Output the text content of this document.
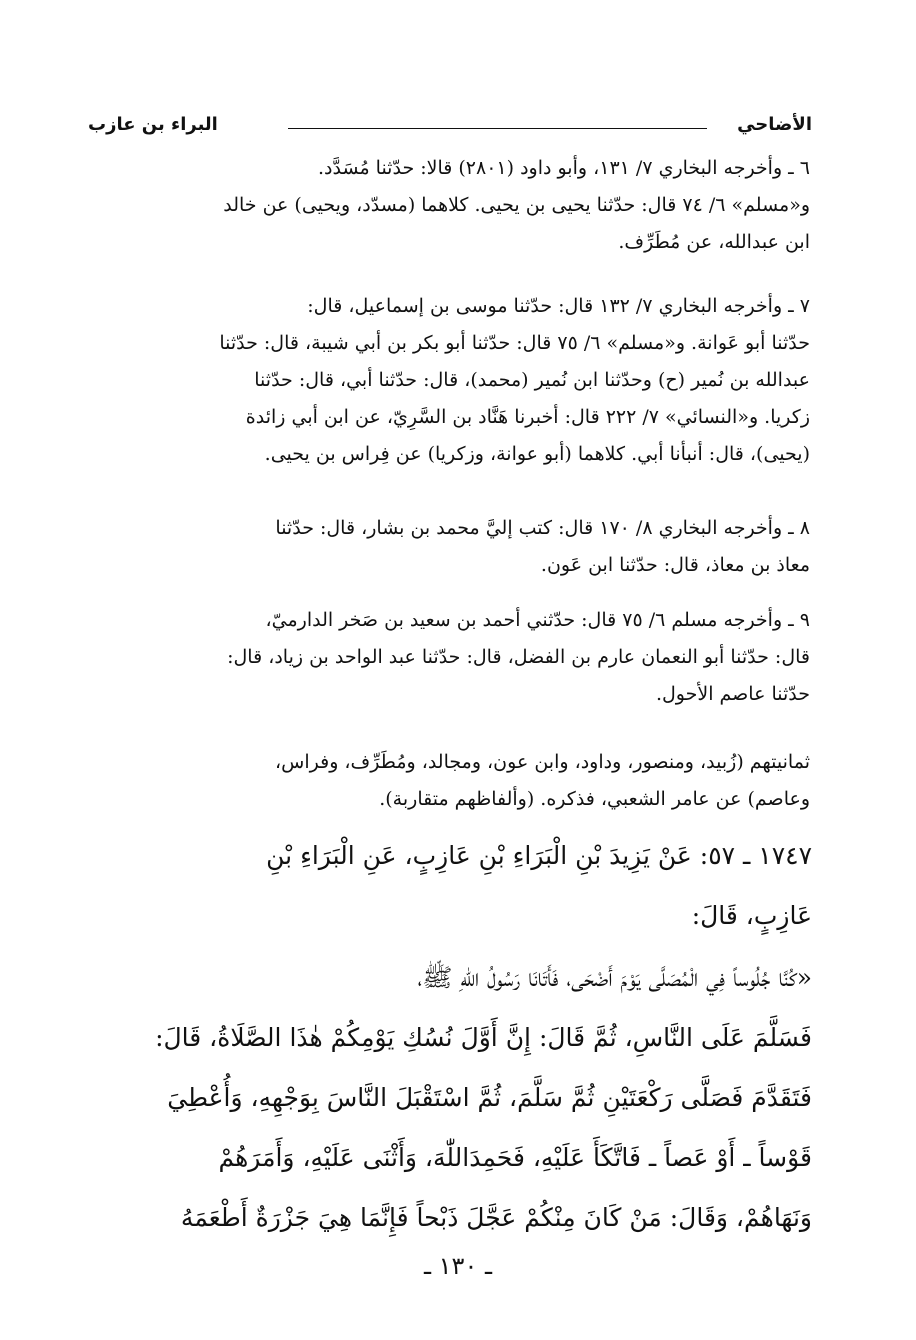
الأضاحي
البراء بن عازب
٦ ـ وأخرجه البخاري ٧/ ١٣١، وأبو داود (٢٨٠١) قالا: حدّثنا مُسَدَّد.
و«مسلم» ٦/ ٧٤ قال: حدّثنا يحيى بن يحيى. كلاهما (مسدّد، ويحيى) عن خالد
ابن عبدالله، عن مُطَرِّف.
٧ ـ وأخرجه البخاري ٧/ ١٣٢ قال: حدّثنا موسى بن إسماعيل، قال:
حدّثنا أبو عَوانة. و«مسلم» ٦/ ٧٥ قال: حدّثنا أبو بكر بن أبي شيبة، قال: حدّثنا
عبدالله بن نُمير (ح) وحدّثنا ابن نُمير (محمد)، قال: حدّثنا أبي، قال: حدّثنا
زكريا. و«النسائي» ٧/ ٢٢٢ قال: أخبرنا هَنَّاد بن السَّرِيّ، عن ابن أبي زائدة
(يحيى)، قال: أنبأنا أبي. كلاهما (أبو عوانة، وزكريا) عن فِراس بن يحيى.
٨ ـ وأخرجه البخاري ٨/ ١٧٠ قال: كتب إليَّ محمد بن بشار، قال: حدّثنا
معاذ بن معاذ، قال: حدّثنا ابن عَون.
٩ ـ وأخرجه مسلم ٦/ ٧٥ قال: حدّثني أحمد بن سعيد بن صَخر الدارميّ،
قال: حدّثنا أبو النعمان عارم بن الفضل، قال: حدّثنا عبد الواحد بن زياد، قال:
حدّثنا عاصم الأحول.
ثمانيتهم (زُبيد، ومنصور، وداود، وابن عون، ومجالد، ومُطَرِّف، وفراس،
وعاصم) عن عامر الشعبي، فذكره. (وألفاظهم متقاربة).
١٧٤٧ ـ ٥٧: عَنْ يَزِيدَ بْنِ الْبَرَاءِ بْنِ عَازِبٍ، عَنِ الْبَرَاءِ بْنِ
عَازِبٍ، قَالَ:
«كُنَّا جُلُوساً فِي الْمُصَلَّى يَوْمَ أَضْحَى، فَأَتَانَا رَسُولُ اللّٰهِ ﷺ،
فَسَلَّمَ عَلَى النَّاسِ، ثُمَّ قَالَ: إِنَّ أَوَّلَ نُسُكِ يَوْمِكُمْ هٰذَا الصَّلَاةُ، قَالَ:
فَتَقَدَّمَ فَصَلَّى رَكْعَتَيْنِ ثُمَّ سَلَّمَ، ثُمَّ اسْتَقْبَلَ النَّاسَ بِوَجْهِهِ، وَأُعْطِيَ
قَوْساً ـ أَوْ عَصاً ـ فَاتَّكَأَ عَلَيْهِ، فَحَمِدَاللّٰهَ، وَأَثْنَى عَلَيْهِ، وَأَمَرَهُمْ
وَنَهَاهُمْ، وَقَالَ: مَنْ كَانَ مِنْكُمْ عَجَّلَ ذَبْحاً فَإِنَّمَا هِيَ جَزْرَةٌ أَطْعَمَهُ
ـ ١٣٠ ـ
